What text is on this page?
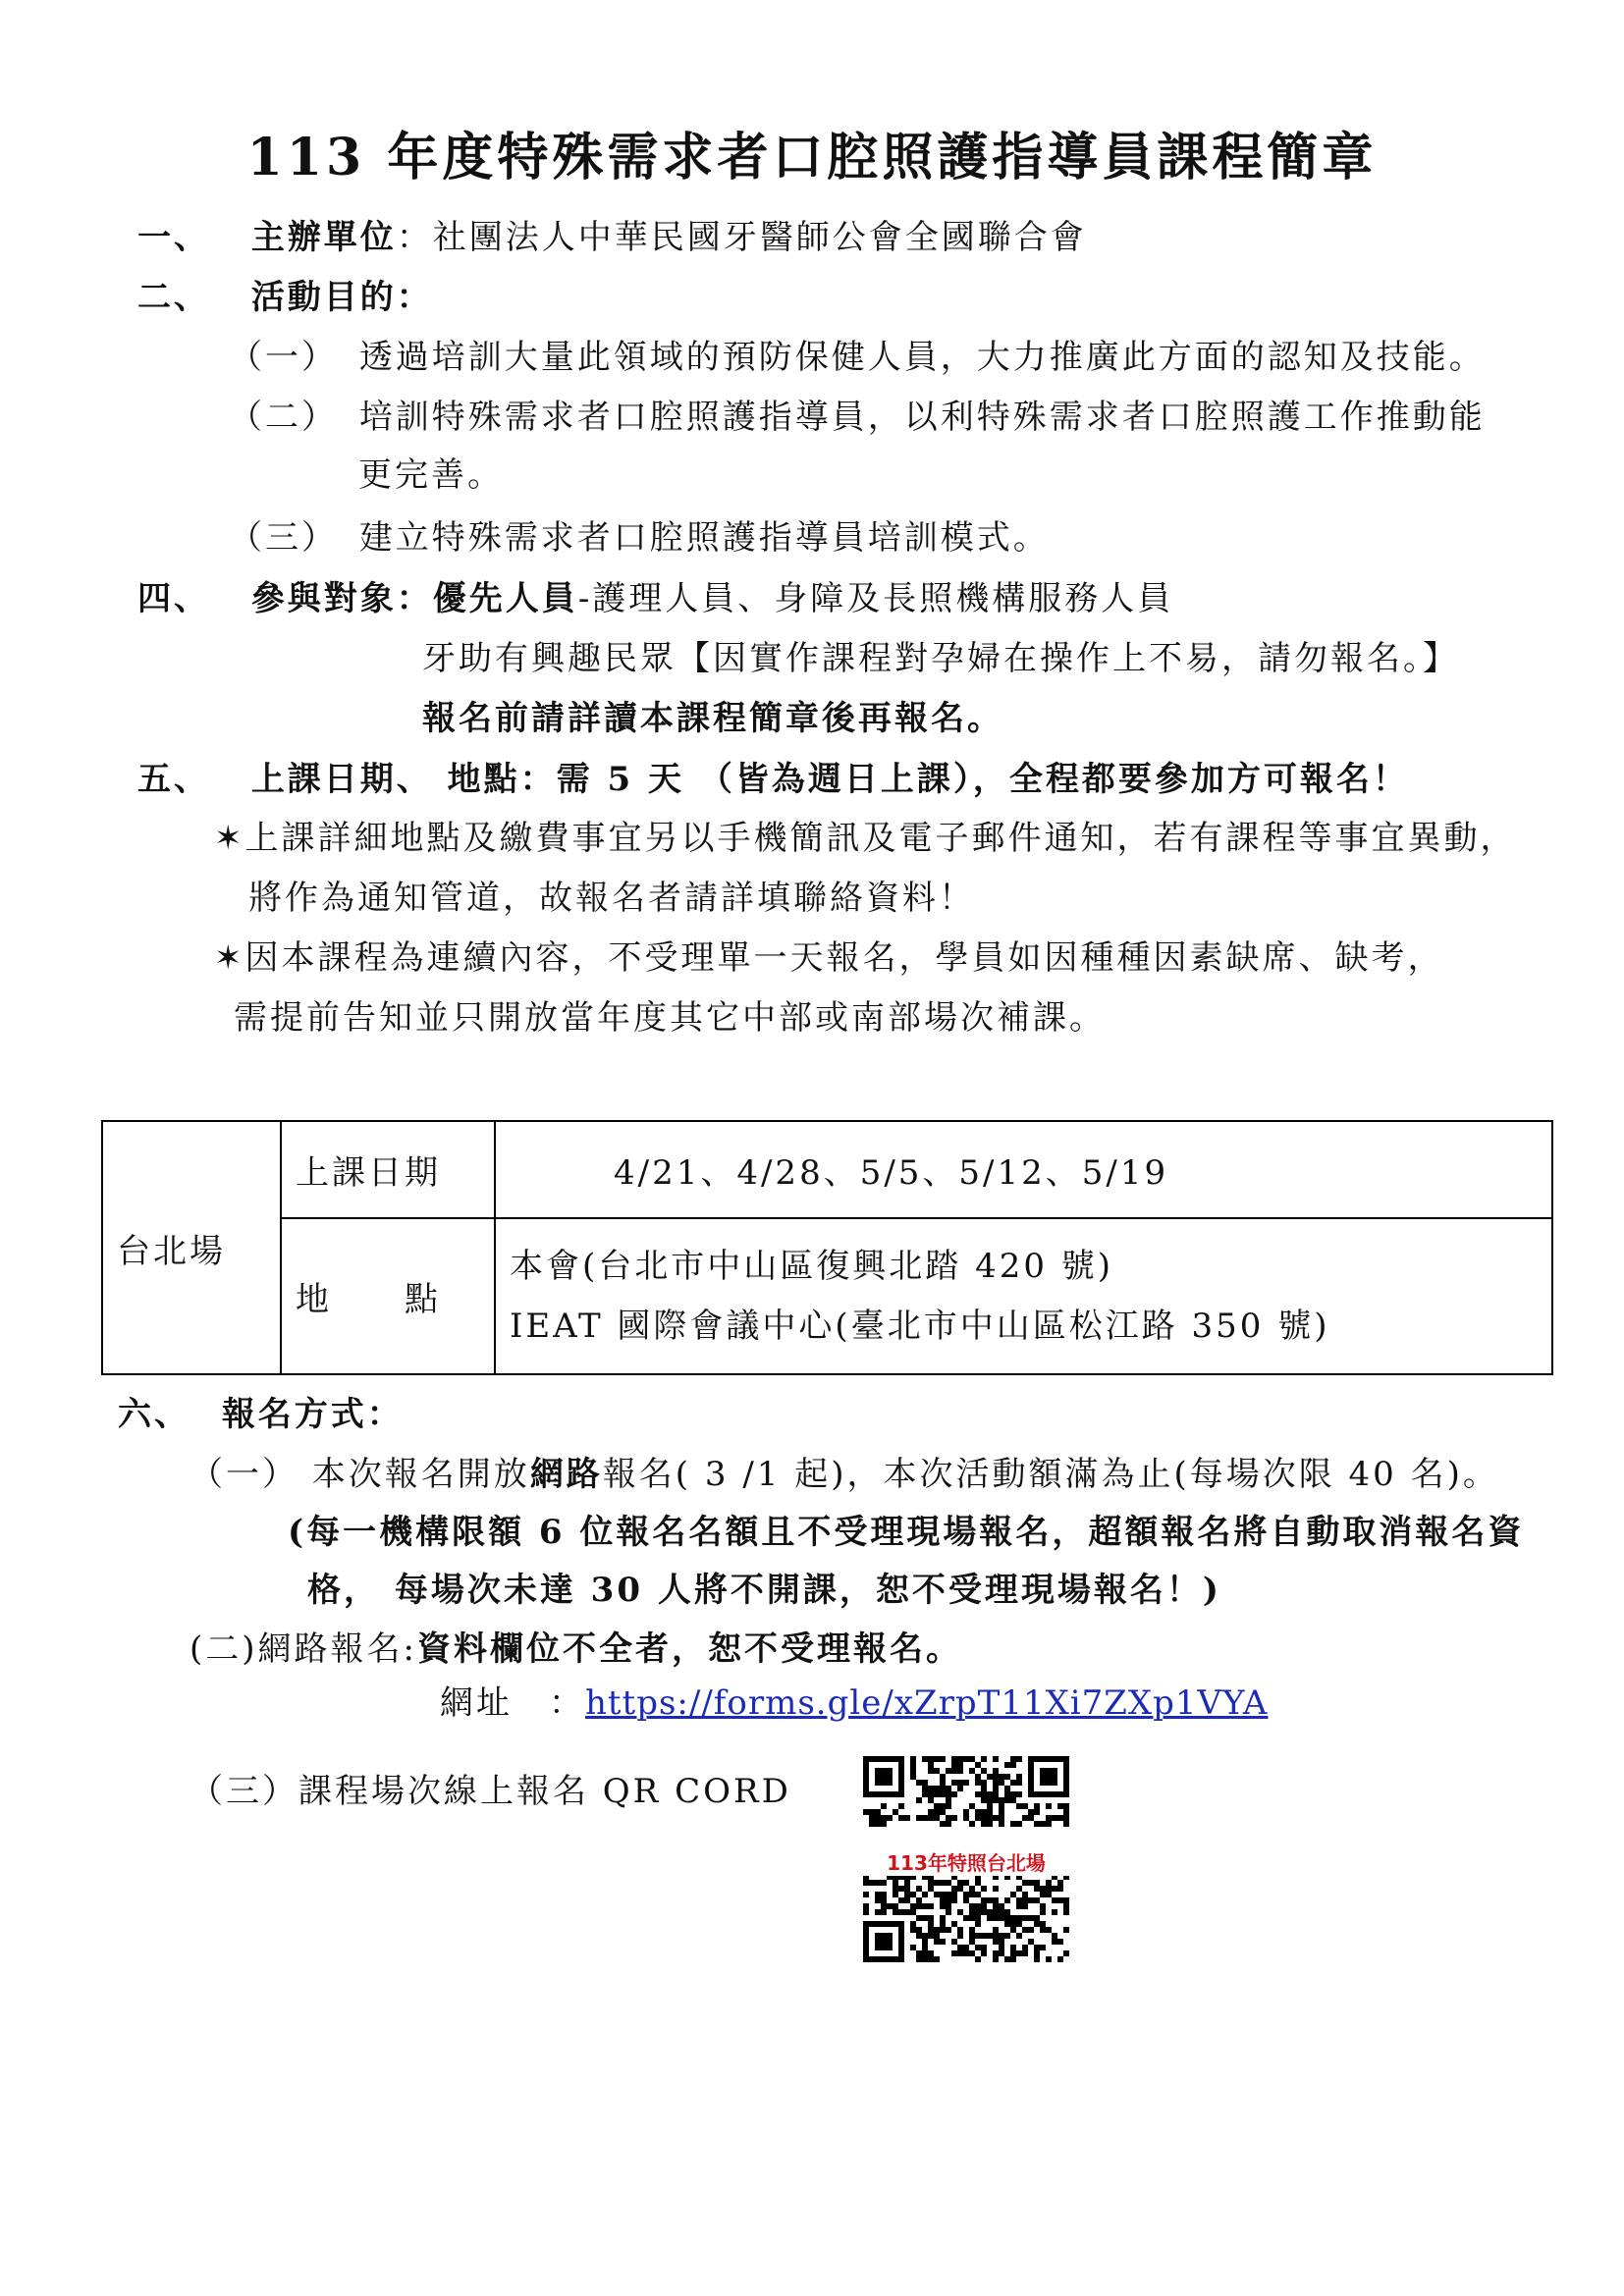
113 年度特殊需求者口腔照護指導員課程簡章
一、 主辦單位：社團法人中華民國牙醫師公會全國聯合會
二、 活動目的：
（一） 透過培訓大量此領域的預防保健人員，大力推廣此方面的認知及技能。
（二） 培訓特殊需求者口腔照護指導員，以利特殊需求者口腔照護工作推動能
更完善。
（三） 建立特殊需求者口腔照護指導員培訓模式。
四、 參與對象：優先人員-護理人員、身障及長照機構服務人員
牙助有興趣民眾【因實作課程對孕婦在操作上不易，請勿報名。】
報名前請詳讀本課程簡章後再報名。
五、 上課日期、 地點：需 5 天 （皆為週日上課），全程都要參加方可報名！
✶上課詳細地點及繳費事宜另以手機簡訊及電子郵件通知，若有課程等事宜異動，
將作為通知管道，故報名者請詳填聯絡資料！
✶因本課程為連續內容，不受理單一天報名，學員如因種種因素缺席、缺考，
需提前告知並只開放當年度其它中部或南部場次補課。
台北場	上課日期	4/21、4/28、5/5、5/12、5/19
	地　　點	本會(台北市中山區復興北踏 420 號)
IEAT 國際會議中心(臺北市中山區松江路 350 號)
六、 報名方式：
（一） 本次報名開放網路報名( 3 /1 起)，本次活動額滿為止(每場次限 40 名)。
(每一機構限額 6 位報名名額且不受理現場報名，超額報名將自動取消報名資
格， 每場次未達 30 人將不開課，恕不受理現場報名！)
(二)網路報名:資料欄位不全者，恕不受理報名。
網址　：https://forms.gle/xZrpT11Xi7ZXp1VYA
（三）課程場次線上報名 QR CORD
113年特照台北場
